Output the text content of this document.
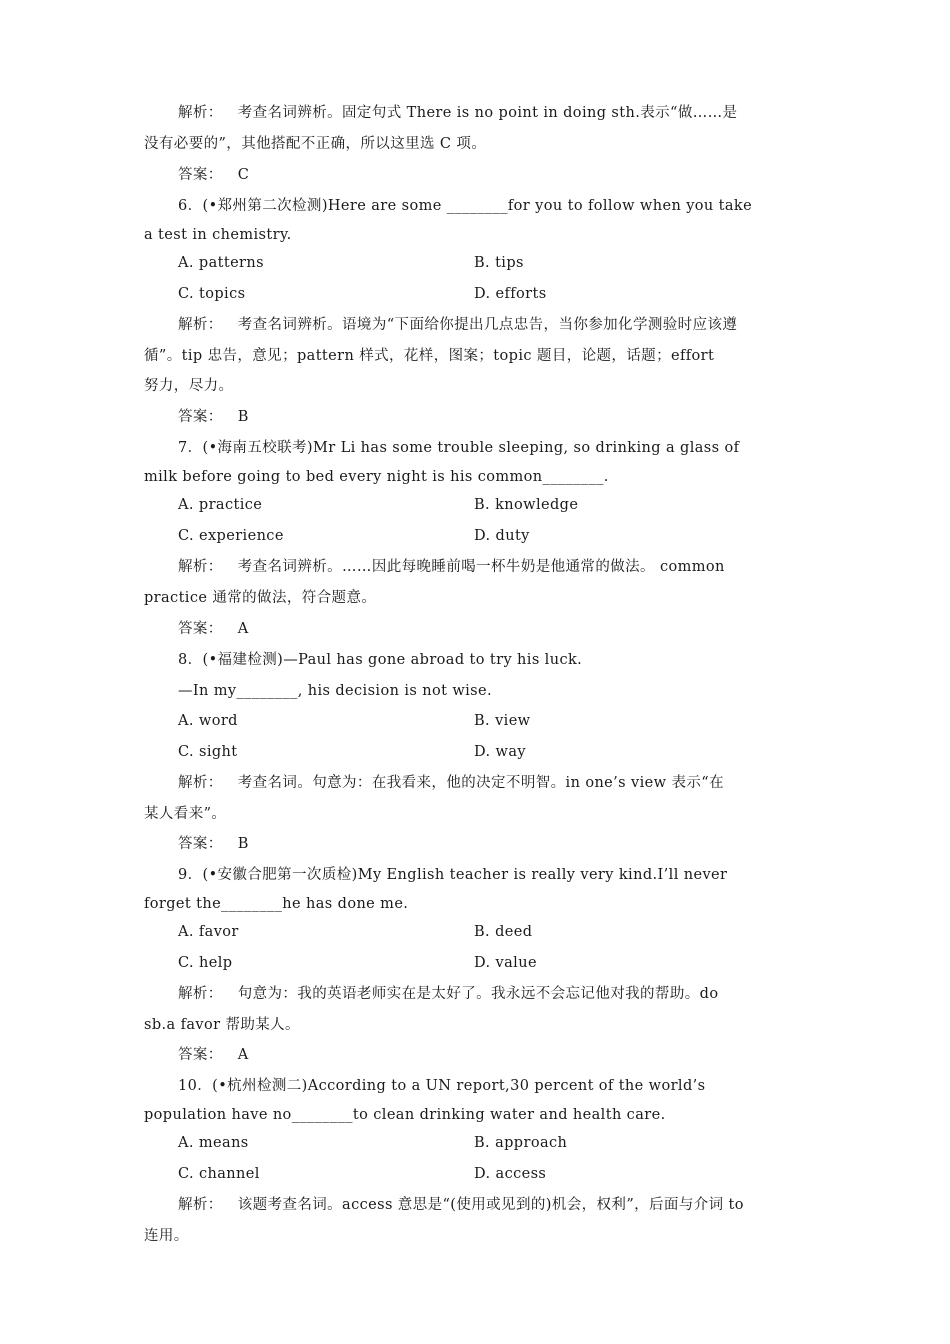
解析： 考查名词辨析。固定句式 There is no point in doing sth.表示“做……是
没有必要的”，其他搭配不正确，所以这里选 C 项。
答案： C
6．(•郑州第二次检测)Here are some ________for you to follow when you take
a test in chemistry.
A. patterns	B. tips
C. topics	D. efforts
解析： 考查名词辨析。语境为“下面给你提出几点忠告，当你参加化学测验时应该遵
循”。tip 忠告，意见；pattern 样式，花样，图案；topic 题目，论题，话题；effort
努力，尽力。
答案： B
7．(•海南五校联考)Mr Li has some trouble sleeping, so drinking a glass of
milk before going to bed every night is his common________.
A. practice	B. knowledge
C. experience	D. duty
解析： 考查名词辨析。……因此每晚睡前喝一杯牛奶是他通常的做法。 common
practice 通常的做法，符合题意。
答案： A
8．(•福建检测)—Paul has gone abroad to try his luck.
—In my________, his decision is not wise.
A. word	B. view
C. sight	D. way
解析： 考查名词。句意为：在我看来，他的决定不明智。in one’s view 表示“在
某人看来”。
答案： B
9．(•安徽合肥第一次质检)My English teacher is really very kind.I’ll never
forget the________he has done me.
A. favor	B. deed
C. help	D. value
解析： 句意为：我的英语老师实在是太好了。我永远不会忘记他对我的帮助。do
sb.a favor 帮助某人。
答案： A
10．(•杭州检测二)According to a UN report,30 percent of the world’s
population have no________to clean drinking water and health care.
A. means	B. approach
C. channel	D. access
解析： 该题考查名词。access 意思是“(使用或见到的)机会，权利”，后面与介词 to
连用。
